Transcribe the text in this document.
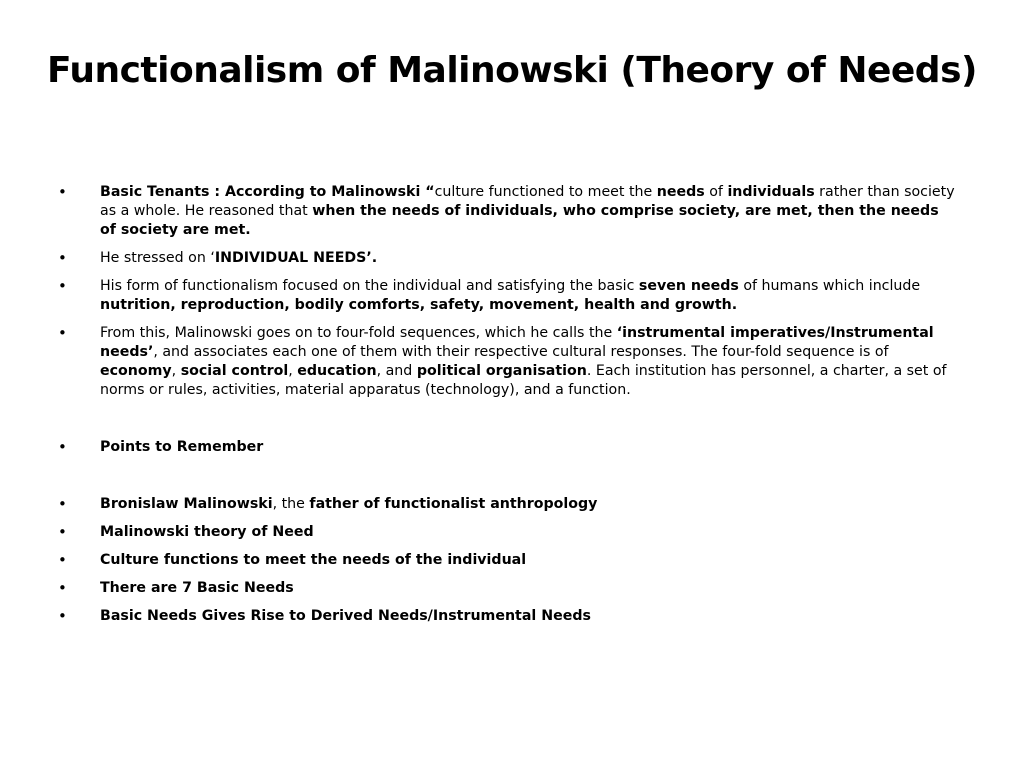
Functionalism of Malinowski (Theory of Needs)
• Basic Tenants : According to Malinowski “culture functioned to meet the needs of individuals rather than society as a whole. He reasoned that when the needs of individuals, who comprise society, are met, then the needs of society are met.
• He stressed on ‘INDIVIDUAL NEEDS’.
• His form of functionalism focused on the individual and satisfying the basic seven needs of humans which include nutrition, reproduction, bodily comforts, safety, movement, health and growth.
• From this, Malinowski goes on to four-fold sequences, which he calls the ‘instrumental imperatives/Instrumental needs’, and associates each one of them with their respective cultural responses. The four-fold sequence is of economy, social control, education, and political organisation. Each institution has personnel, a charter, a set of norms or rules, activities, material apparatus (technology), and a function.
• Points to Remember
• Bronislaw Malinowski, the father of functionalist anthropology
• Malinowski theory of Need
• Culture functions to meet the needs of the individual
• There are 7 Basic Needs
• Basic Needs Gives Rise to Derived Needs/Instrumental Needs
